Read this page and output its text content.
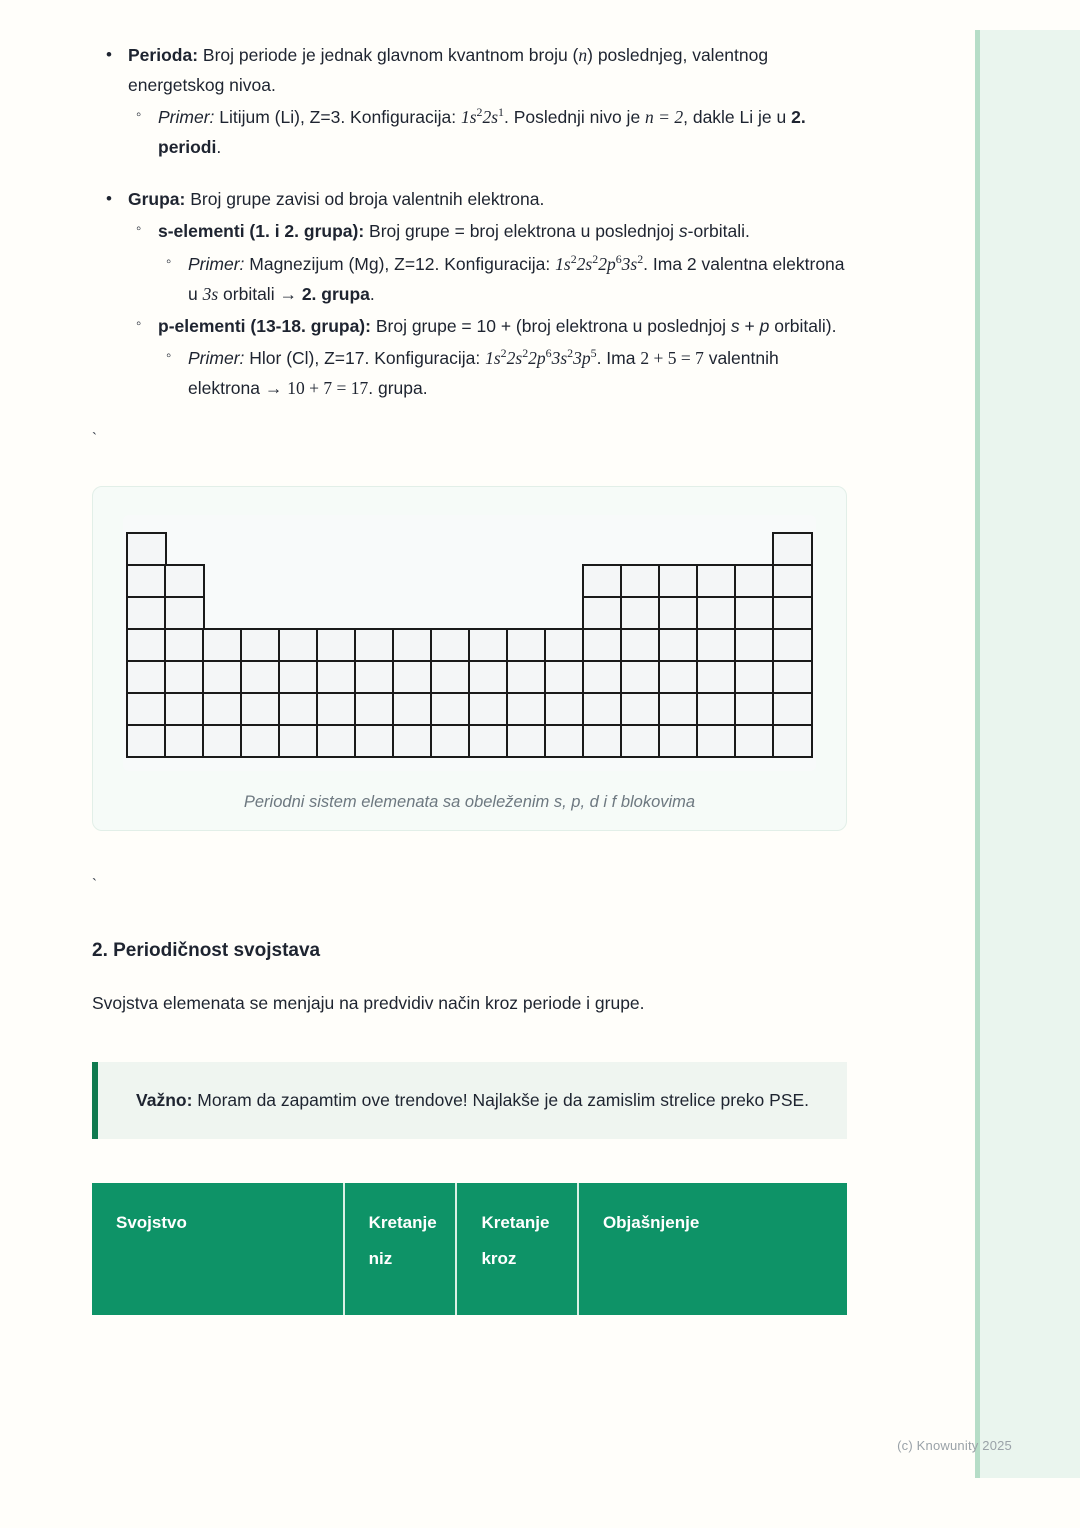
(c) Knowunity 2025
• Perioda: Broj periode je jednak glavnom kvantnom broju (n) poslednjeg, valentnog energetskog nivoa.
◦ Primer: Litijum (Li), Z=3. Konfiguracija: $1s^22s^1$. Poslednji nivo je n = 2, dakle Li je u 2. periodi.
• Grupa: Broj grupe zavisi od broja valentnih elektrona.
◦ s-elementi (1. i 2. grupa): Broj grupe = broj elektrona u poslednjoj s-orbitali.
◦ Primer: Magnezijum (Mg), Z=12. Konfiguracija: $1s^22s^22p^63s^2$. Ima 2 valentna elektrona u 3s orbitali → 2. grupa.
◦ p-elementi (13-18. grupa): Broj grupe = 10 + (broj elektrona u poslednjoj s + p orbitali).
◦ Primer: Hlor (Cl), Z=17. Konfiguracija: $1s^22s^22p^63s^23p^5$. Ima 2 + 5 = 7 valentnih elektrona → 10 + 7 = 17. grupa.
`
Periodni sistem elemenata sa obeleženim s, p, d i f blokovima
`
2. Periodičnost svojstava

Svojstva elemenata se menjaju na predvidiv način kroz periode i grupe.

Važno: Moram da zapamtim ove trendove! Najlakše je da zamislim strelice preko PSE.
Svojstvo	Kretanje niz	Kretanje kroz	Objašnjenje
